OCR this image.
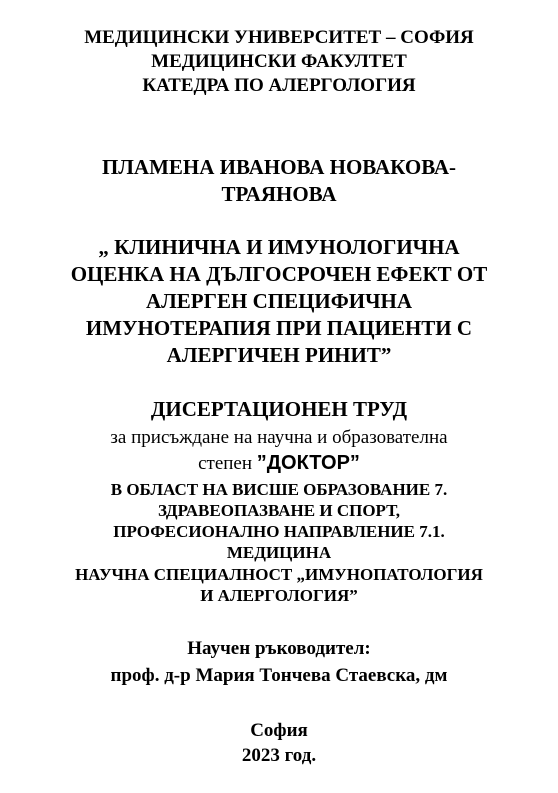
МЕДИЦИНСКИ УНИВЕРСИТЕТ – СОФИЯ
МЕДИЦИНСКИ ФАКУЛТЕТ
КАТЕДРА ПО АЛЕРГОЛОГИЯ
ПЛАМЕНА ИВАНОВА НОВАКОВА-
ТРАЯНОВА
„ КЛИНИЧНА И ИМУНОЛОГИЧНА
ОЦЕНКА НА ДЪЛГОСРОЧЕН ЕФЕКТ ОТ
АЛЕРГЕН СПЕЦИФИЧНА
ИМУНОТЕРАПИЯ ПРИ ПАЦИЕНТИ С
АЛЕРГИЧЕН РИНИТ”
ДИСЕРТАЦИОНЕН ТРУД
за присъждане на научна и образователна
степен ”ДОКТОР”
В ОБЛАСТ НА ВИСШЕ ОБРАЗОВАНИЕ 7.
ЗДРАВЕОПАЗВАНЕ И СПОРТ,
ПРОФЕСИОНАЛНО НАПРАВЛЕНИЕ 7.1.
МЕДИЦИНА
НАУЧНА СПЕЦИАЛНОСТ „ИМУНОПАТОЛОГИЯ
И АЛЕРГОЛОГИЯ”
Научен ръководител:
проф. д-р Мария Тончева Стаевска, дм
София
2023 год.
